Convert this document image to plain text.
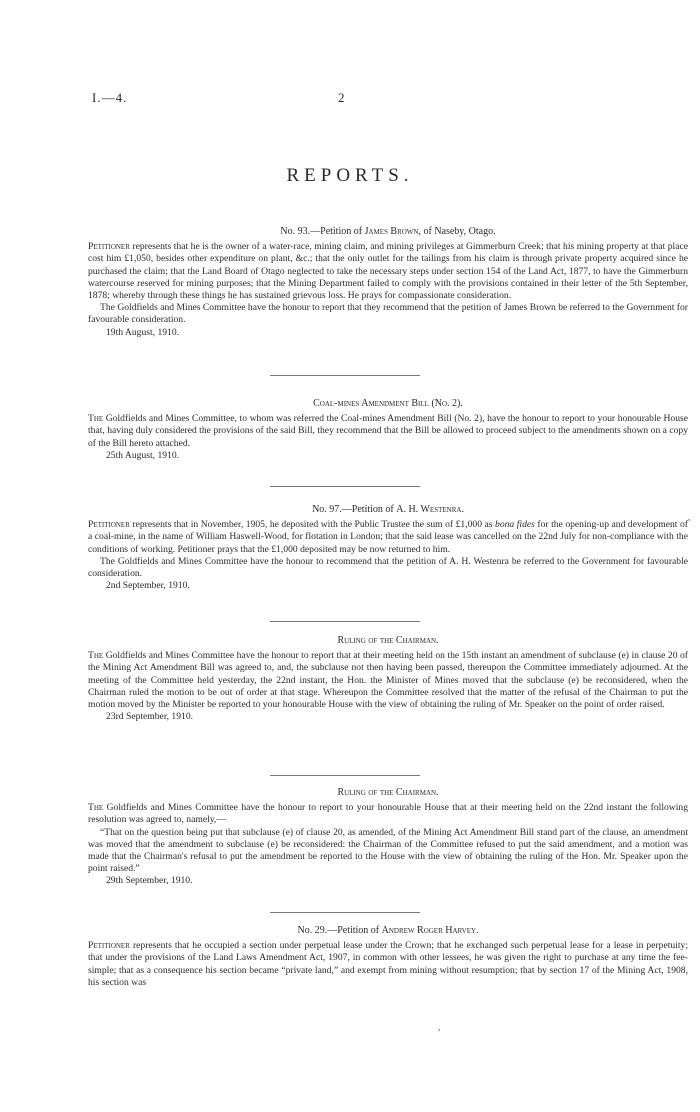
I.—4.	2
REPORTS.
No. 93.—Petition of James Brown, of Naseby, Otago.

Petitioner represents that he is the owner of a water-race, mining claim, and mining privileges at Gimmerburn Creek; that his mining property at that place cost him £1,050, besides other expenditure on plant, &c.; that the only outlet for the tailings from his claim is through private property acquired since he purchased the claim; that the Land Board of Otago neglected to take the necessary steps under section 154 of the Land Act, 1877, to have the Gimmerburn watercourse reserved for mining purposes; that the Mining Department failed to comply with the provisions contained in their letter of the 5th September, 1878; whereby through these things he has sustained grievous loss. He prays for compassionate consideration.

The Goldfields and Mines Committee have the honour to report that they recommend that the petition of James Brown be referred to the Government for favourable consideration.

19th August, 1910.

Coal-mines Amendment Bill (No. 2).

The Goldfields and Mines Committee, to whom was referred the Coal-mines Amendment Bill (No. 2), have the honour to report to your honourable House that, having duly considered the provisions of the said Bill, they recommend that the Bill be allowed to proceed subject to the amendments shown on a copy of the Bill hereto attached.

25th August, 1910.

No. 97.—Petition of A. H. Westenra.

Petitioner represents that in November, 1905, he deposited with the Public Trustee the sum of £1,000 as bona fides for the opening-up and development of a coal-mine, in the name of William Haswell-Wood, for flotation in London; that the said lease was cancelled on the 22nd July for non-compliance with the conditions of working. Petitioner prays that the £1,000 deposited may be now returned to him.

The Goldfields and Mines Committee have the honour to recommend that the petition of A. H. Westenra be referred to the Government for favourable consideration.

2nd September, 1910.

Ruling of the Chairman.

The Goldfields and Mines Committee have the honour to report that at their meeting held on the 15th instant an amendment of subclause (e) in clause 20 of the Mining Act Amendment Bill was agreed to, and, the subclause not then having been passed, thereupon the Committee immediately adjourned. At the meeting of the Committee held yesterday, the 22nd instant, the Hon. the Minister of Mines moved that the subclause (e) be reconsidered, when the Chairman ruled the motion to be out of order at that stage. Whereupon the Committee resolved that the matter of the refusal of the Chairman to put the motion moved by the Minister be reported to your honourable House with the view of obtaining the ruling of Mr. Speaker on the point of order raised.

23rd September, 1910.

Ruling of the Chairman.

The Goldfields and Mines Committee have the honour to report to your honourable House that at their meeting held on the 22nd instant the following resolution was agreed to, namely,—

“That on the question being put that subclause (e) of clause 20, as amended, of the Mining Act Amendment Bill stand part of the clause, an amendment was moved that the amendment to subclause (e) be reconsidered: the Chairman of the Committee refused to put the said amendment, and a motion was made that the Chairman's refusal to put the amendment be reported to the House with the view of obtaining the ruling of the Hon. Mr. Speaker upon the point raised.”

29th September, 1910.

No. 29.—Petition of Andrew Roger Harvey.

Petitioner represents that he occupied a section under perpetual lease under the Crown; that he exchanged such perpetual lease for a lease in perpetuity; that under the provisions of the Land Laws Amendment Act, 1907, in common with other lessees, he was given the right to purchase at any time the fee-simple; that as a consequence his section became “private land,” and exempt from mining without resumption; that by section 17 of the Mining Act, 1908, his section was

,
,
